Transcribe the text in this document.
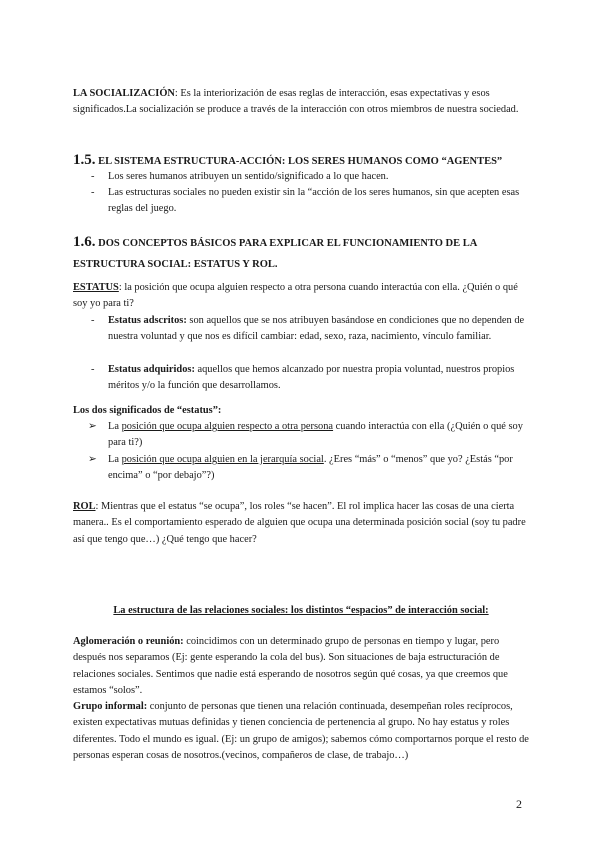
LA SOCIALIZACIÓN: Es la interiorización de esas reglas de interacción, esas expectativas y esos significados.La socialización se produce a través de la interacción con otros miembros de nuestra sociedad.

1.5. EL SISTEMA ESTRUCTURA-ACCIÓN: LOS SERES HUMANOS COMO “AGENTES”
- Los seres humanos atribuyen un sentido/significado a lo que hacen.
- Las estructuras sociales no pueden existir sin la “acción de los seres humanos, sin que acepten esas reglas del juego.
1.6. DOS CONCEPTOS BÁSICOS PARA EXPLICAR EL FUNCIONAMIENTO DE LA ESTRUCTURA SOCIAL: ESTATUS Y ROL.

ESTATUS: la posición que ocupa alguien respecto a otra persona cuando interactúa con ella. ¿Quién o qué soy yo para ti?

- Estatus adscritos: son aquellos que se nos atribuyen basándose en condiciones que no dependen de nuestra voluntad y que nos es difícil cambiar: edad, sexo, raza, nacimiento, vínculo familiar.
- Estatus adquiridos: aquellos que hemos alcanzado por nuestra propia voluntad, nuestros propios méritos y/o la función que desarrollamos.

Los dos significados de “estatus”:

➢ La posición que ocupa alguien respecto a otra persona cuando interactúa con ella (¿Quién o qué soy para ti?)
➢ La posición que ocupa alguien en la jerarquía social. ¿Eres “más” o “menos” que yo? ¿Estás “por encima” o “por debajo”?)

ROL: Mientras que el estatus “se ocupa”, los roles “se hacen”. El rol implica hacer las cosas de una cierta manera.. Es el comportamiento esperado de alguien que ocupa una determinada posición social (soy tu padre así que tengo que…) ¿Qué tengo que hacer?

La estructura de las relaciones sociales: los distintos “espacios” de interacción social:

Aglomeración o reunión: coincidimos con un determinado grupo de personas en tiempo y lugar, pero después nos separamos (Ej: gente esperando la cola del bus). Son situaciones de baja estructuración de relaciones sociales. Sentimos que nadie está esperando de nosotros según qué cosas, ya que creemos que estamos “solos”.
Grupo informal: conjunto de personas que tienen una relación continuada, desempeñan roles recíprocos, existen expectativas mutuas definidas y tienen conciencia de pertenencia al grupo. No hay estatus y roles diferentes. Todo el mundo es igual. (Ej: un grupo de amigos); sabemos cómo comportarnos porque el resto de personas esperan cosas de nosotros.(vecinos, compañeros de clase, de trabajo…)

2
